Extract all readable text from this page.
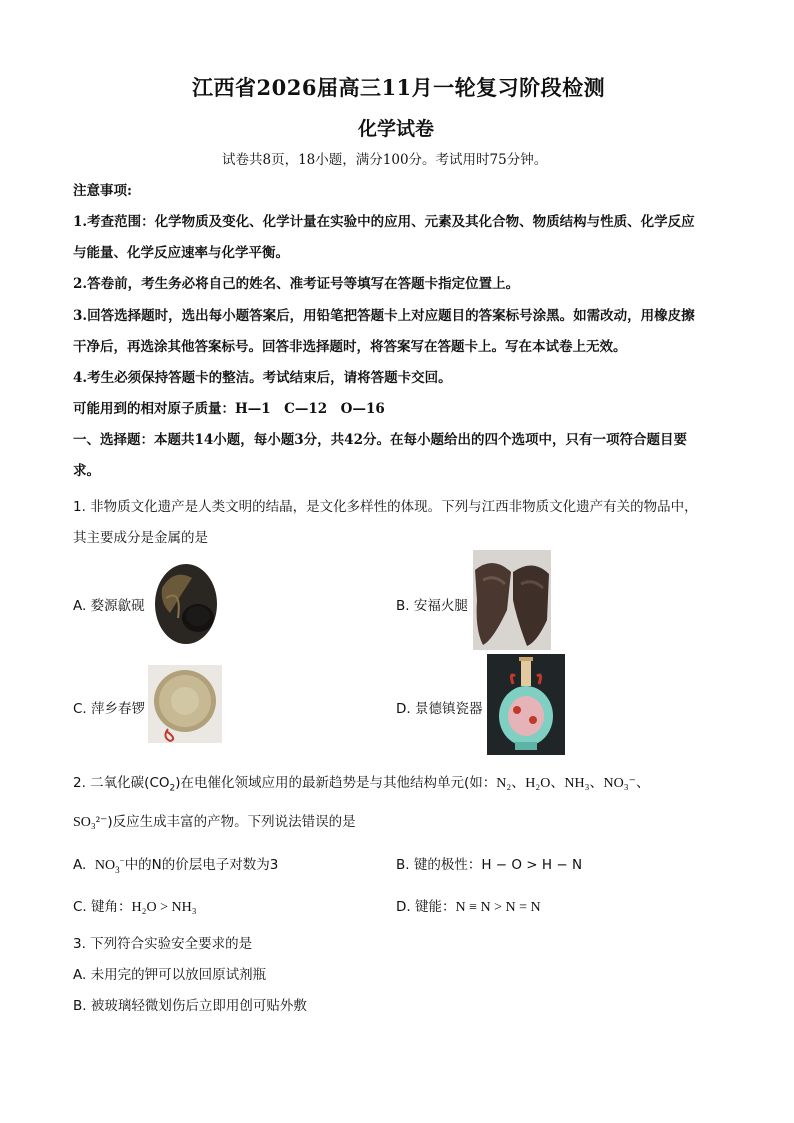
江西省2026届高三11月一轮复习阶段检测
化学试卷
试卷共8页，18小题，满分100分。考试用时75分钟。
注意事项:
1.考查范围：化学物质及变化、化学计量在实验中的应用、元素及其化合物、物质结构与性质、化学反应
与能量、化学反应速率与化学平衡。
2.答卷前，考生务必将自己的姓名、准考证号等填写在答题卡指定位置上。
3.回答选择题时，选出每小题答案后，用铅笔把答题卡上对应题目的答案标号涂黑。如需改动，用橡皮擦
干净后，再选涂其他答案标号。回答非选择题时，将答案写在答题卡上。写在本试卷上无效。
4.考生必须保持答题卡的整洁。考试结束后，请将答题卡交回。
可能用到的相对原子质量：H—1　C—12　O—16
一、选择题：本题共14小题，每小题3分，共42分。在每小题给出的四个选项中，只有一项符合题目要
求。
1. 非物质文化遗产是人类文明的结晶，是文化多样性的体现。下列与江西非物质文化遗产有关的物品中，
其主要成分是金属的是
A. 婺源歙砚	B. 安福火腿
C. 萍乡春锣	D. 景德镇瓷器
2. 二氧化碳$(CO_2)$在电催化领域应用的最新趋势是与其他结构单元(如：N₂、H₂O、NH₃、NO₃⁻、
SO₃²⁻)反应生成丰富的产物。下列说法错误的是
A.  $NO_3^-$中的N的价层电子对数为3	B. 键的极性：H − O > H − N
C. 键角：H₂O > NH₃	D. 键能：N ≡ N > N = N
3. 下列符合实验安全要求的是
A. 未用完的钾可以放回原试剂瓶
B. 被玻璃轻微划伤后立即用创可贴外敷
